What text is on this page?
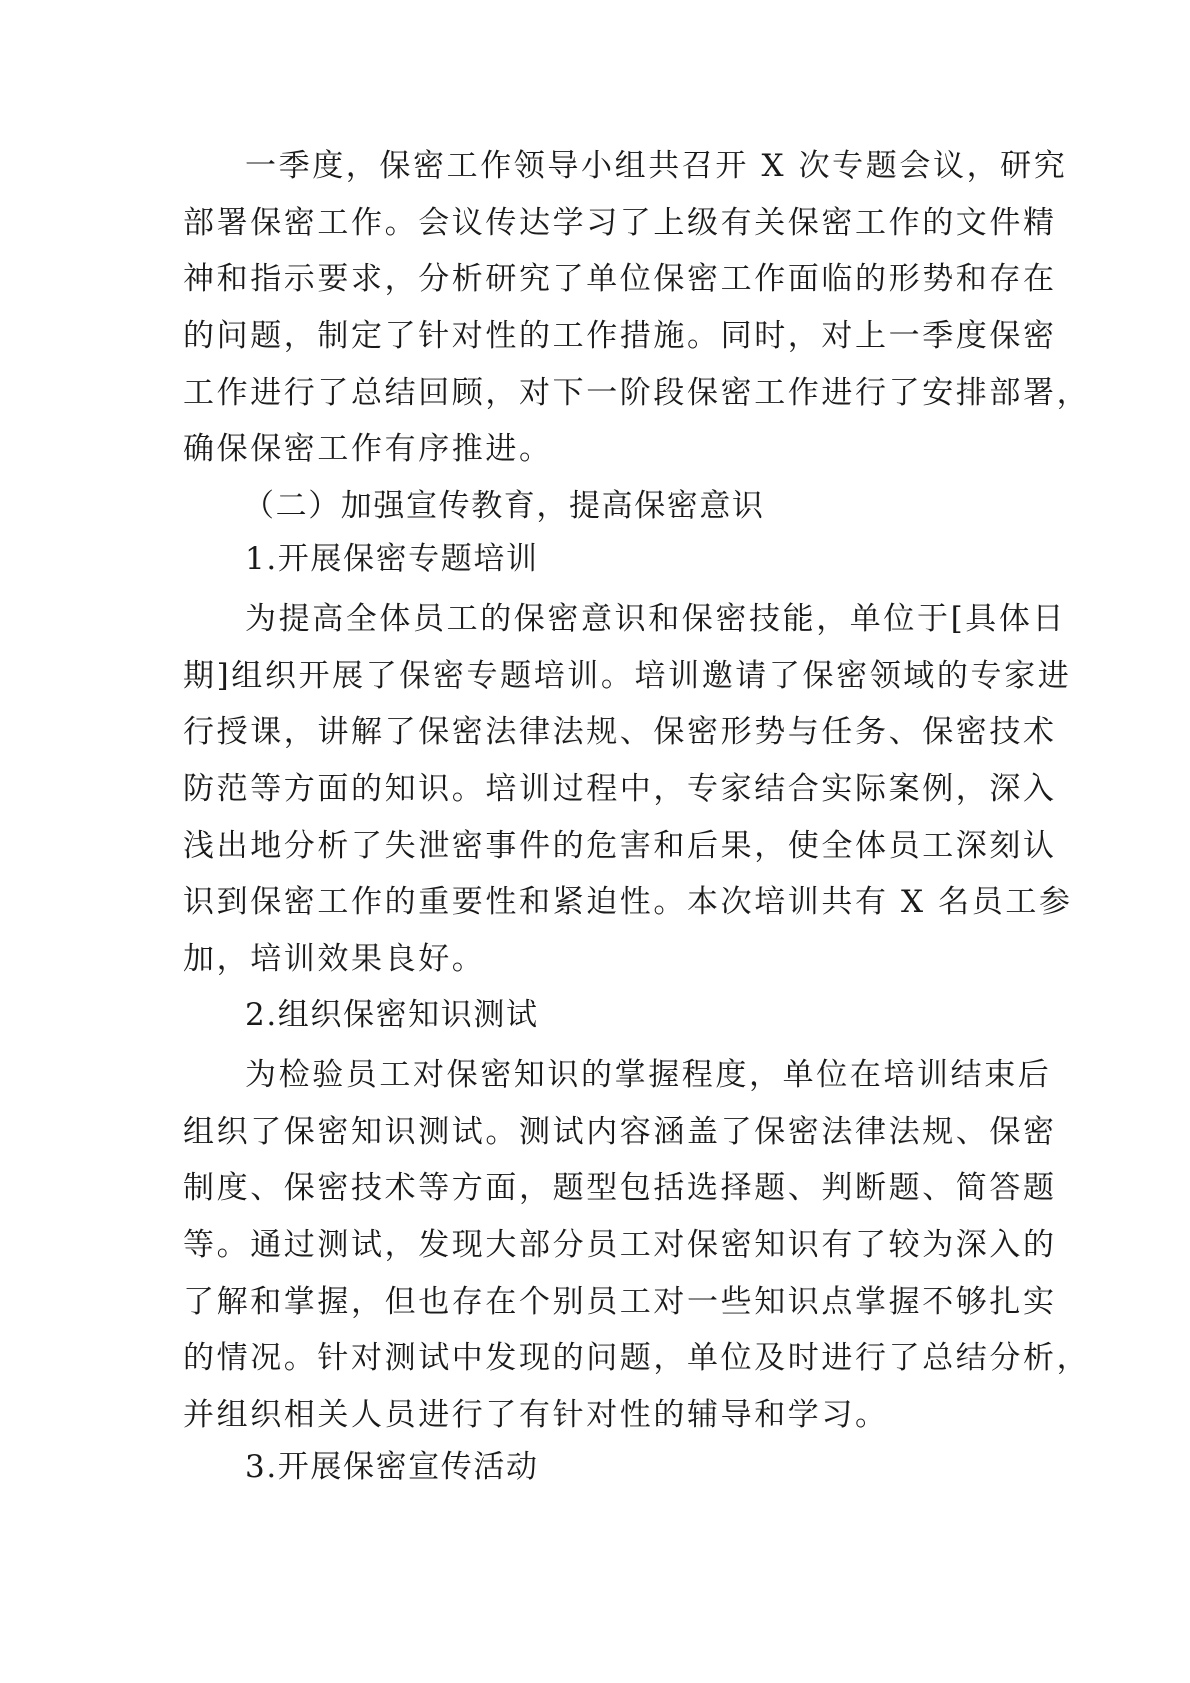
一季度，保密工作领导小组共召开 X 次专题会议，研究
部署保密工作。会议传达学习了上级有关保密工作的文件精
神和指示要求，分析研究了单位保密工作面临的形势和存在
的问题，制定了针对性的工作措施。同时，对上一季度保密
工作进行了总结回顾，对下一阶段保密工作进行了安排部署，
确保保密工作有序推进。
（二）加强宣传教育，提高保密意识
1.开展保密专题培训
为提高全体员工的保密意识和保密技能，单位于[具体日
期]组织开展了保密专题培训。培训邀请了保密领域的专家进
行授课，讲解了保密法律法规、保密形势与任务、保密技术
防范等方面的知识。培训过程中，专家结合实际案例，深入
浅出地分析了失泄密事件的危害和后果，使全体员工深刻认
识到保密工作的重要性和紧迫性。本次培训共有 X 名员工参
加，培训效果良好。
2.组织保密知识测试
为检验员工对保密知识的掌握程度，单位在培训结束后
组织了保密知识测试。测试内容涵盖了保密法律法规、保密
制度、保密技术等方面，题型包括选择题、判断题、简答题
等。通过测试，发现大部分员工对保密知识有了较为深入的
了解和掌握，但也存在个别员工对一些知识点掌握不够扎实
的情况。针对测试中发现的问题，单位及时进行了总结分析，
并组织相关人员进行了有针对性的辅导和学习。
3.开展保密宣传活动
